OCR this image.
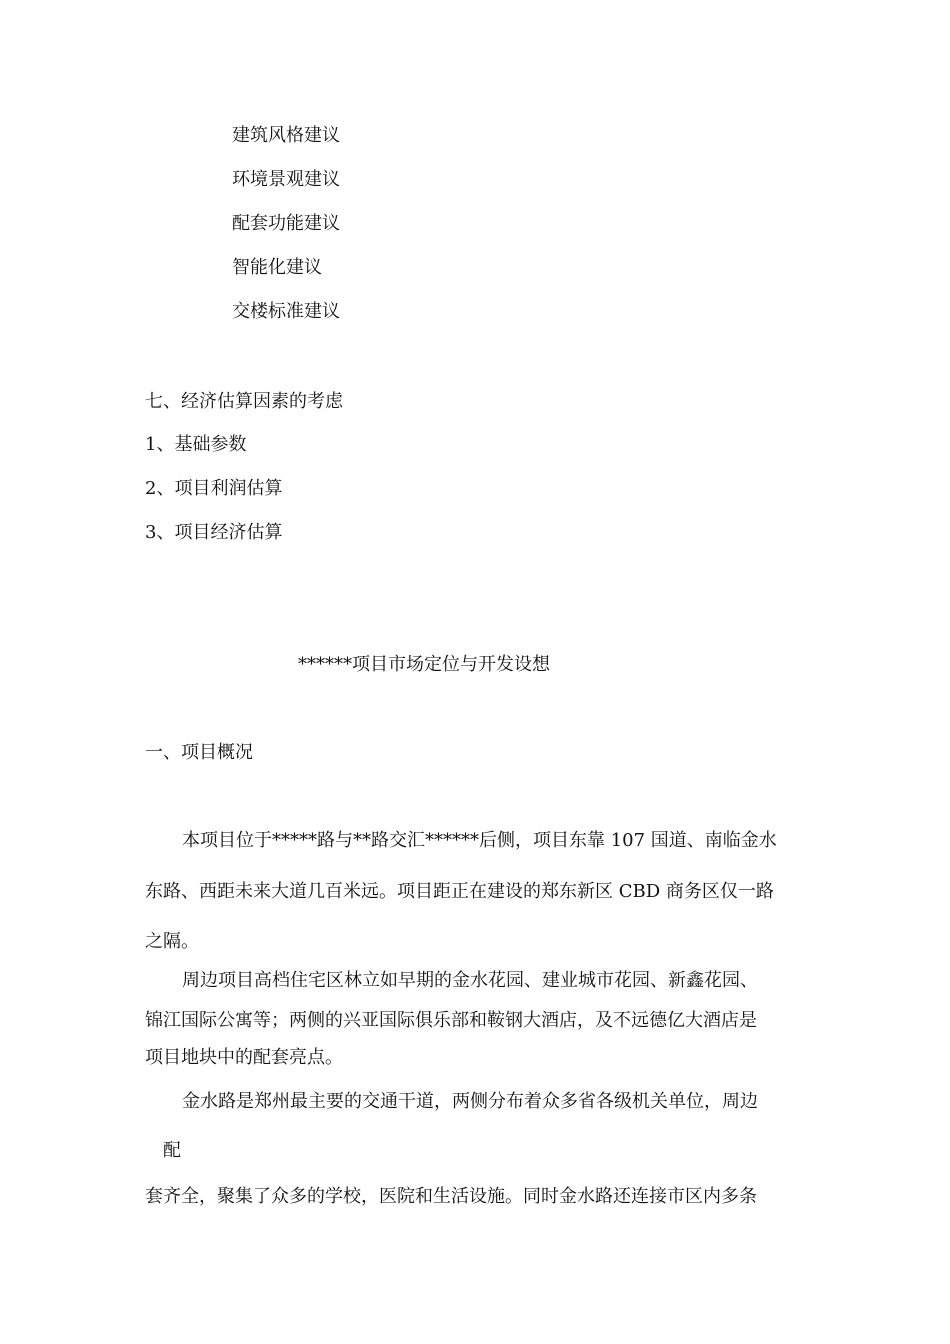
建筑风格建议

环境景观建议

配套功能建议

智能化建议

交楼标准建议

七、经济估算因素的考虑

1、基础参数

2、项目利润估算

3、项目经济估算

******项目市场定位与开发设想

一、项目概况

本项目位于*****路与**路交汇******后侧，项目东靠 107 国道、南临金水

东路、西距未来大道几百米远。项目距正在建设的郑东新区 CBD 商务区仅一路

之隔。

周边项目高档住宅区林立如早期的金水花园、建业城市花园、新鑫花园、

锦江国际公寓等；两侧的兴亚国际俱乐部和鞍钢大酒店，及不远德亿大酒店是

项目地块中的配套亮点。

金水路是郑州最主要的交通干道，两侧分布着众多省各级机关单位，周边

配

套齐全，聚集了众多的学校，医院和生活设施。同时金水路还连接市区内多条
